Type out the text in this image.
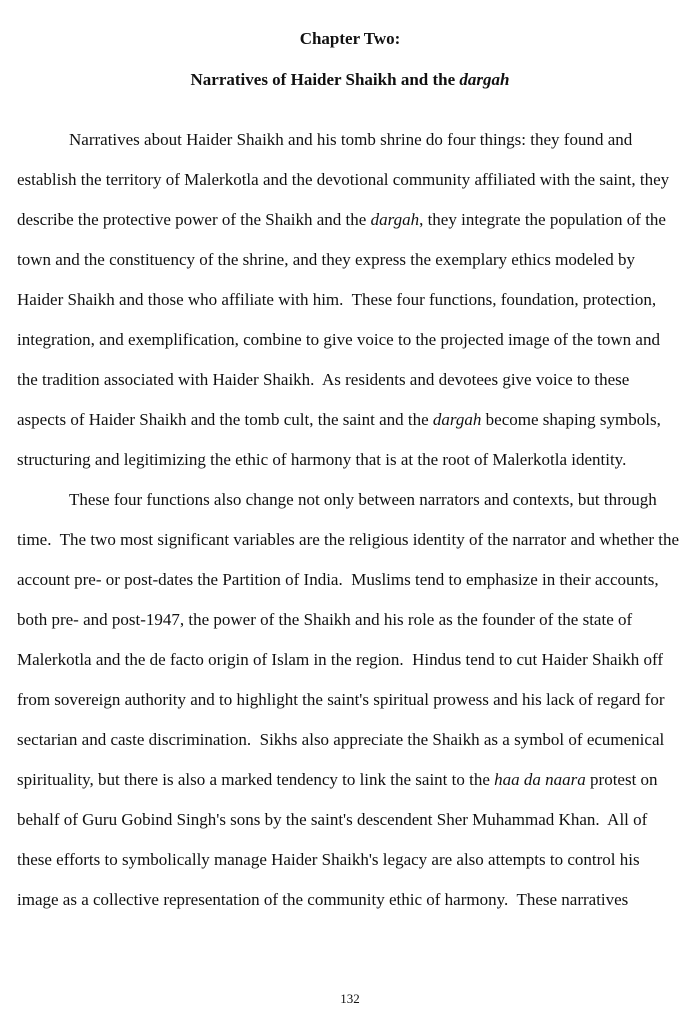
Chapter Two:
Narratives of Haider Shaikh and the dargah
Narratives about Haider Shaikh and his tomb shrine do four things: they found and
establish the territory of Malerkotla and the devotional community affiliated with the saint, they
describe the protective power of the Shaikh and the dargah, they integrate the population of the
town and the constituency of the shrine, and they express the exemplary ethics modeled by
Haider Shaikh and those who affiliate with him.  These four functions, foundation, protection,
integration, and exemplification, combine to give voice to the projected image of the town and
the tradition associated with Haider Shaikh.  As residents and devotees give voice to these
aspects of Haider Shaikh and the tomb cult, the saint and the dargah become shaping symbols,
structuring and legitimizing the ethic of harmony that is at the root of Malerkotla identity.
These four functions also change not only between narrators and contexts, but through
time.  The two most significant variables are the religious identity of the narrator and whether the
account pre- or post-dates the Partition of India.  Muslims tend to emphasize in their accounts,
both pre- and post-1947, the power of the Shaikh and his role as the founder of the state of
Malerkotla and the de facto origin of Islam in the region.  Hindus tend to cut Haider Shaikh off
from sovereign authority and to highlight the saint's spiritual prowess and his lack of regard for
sectarian and caste discrimination.  Sikhs also appreciate the Shaikh as a symbol of ecumenical
spirituality, but there is also a marked tendency to link the saint to the haa da naara protest on
behalf of Guru Gobind Singh's sons by the saint's descendent Sher Muhammad Khan.  All of
these efforts to symbolically manage Haider Shaikh's legacy are also attempts to control his
image as a collective representation of the community ethic of harmony.  These narratives
132
